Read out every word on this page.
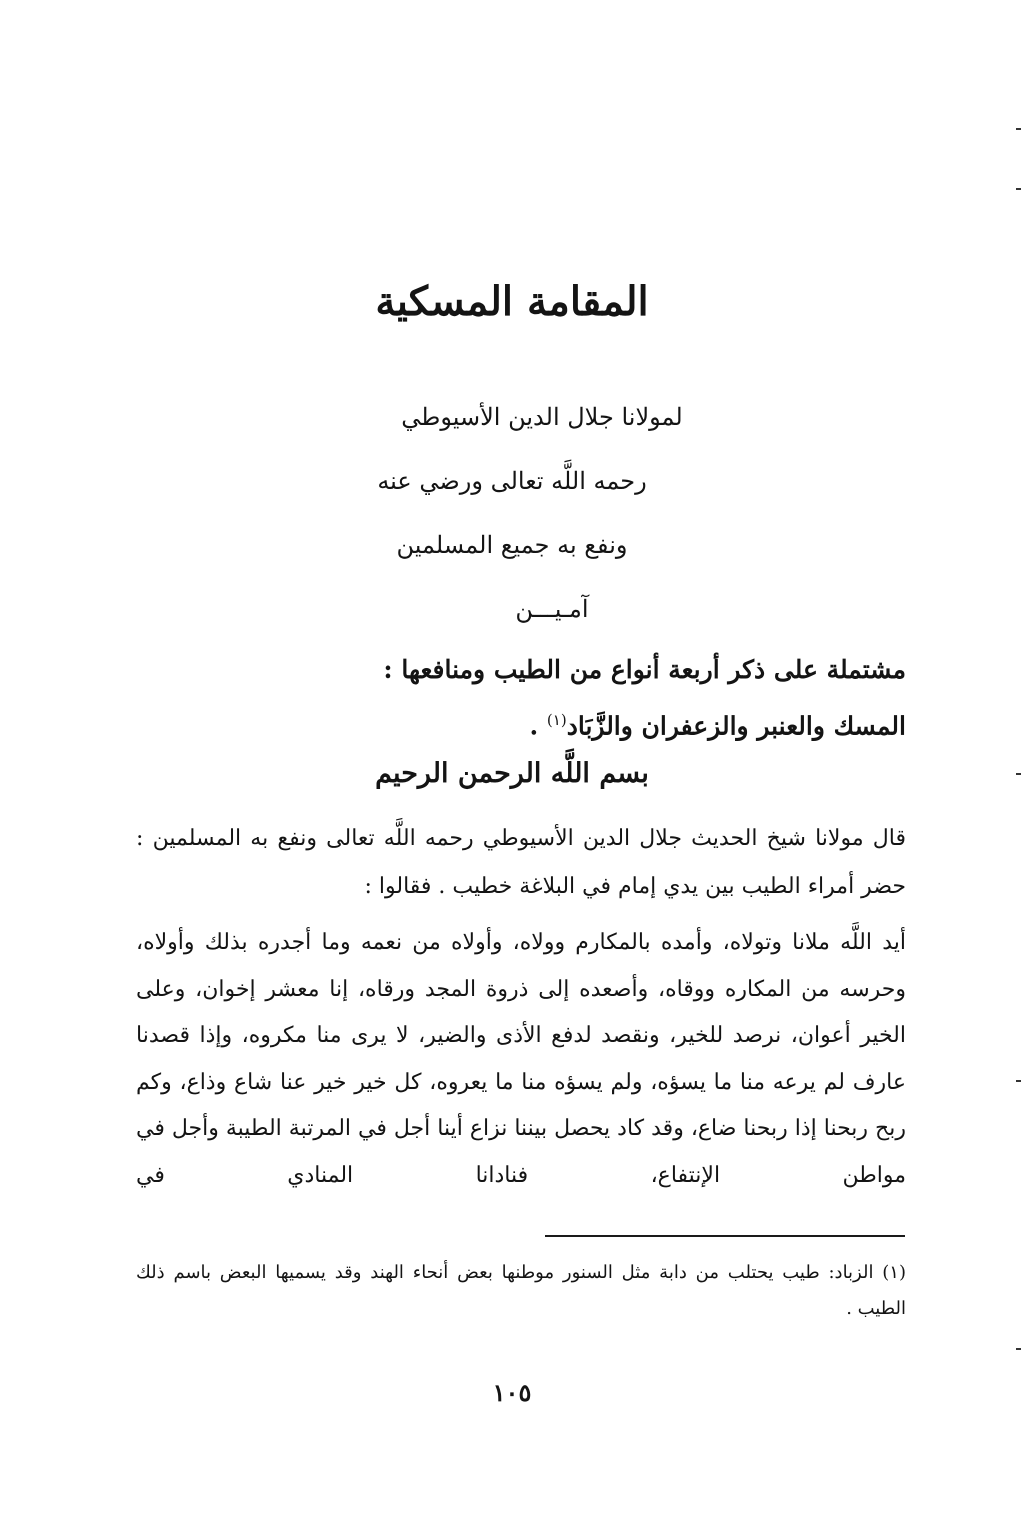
المقامة المسكية
لمولانا جلال الدين الأسيوطي
رحمه اللَّه تعالى ورضي عنه
ونفع به جميع المسلمين
آمـيـــن
مشتملة على ذكر أربعة أنواع من الطيب ومنافعها :
المسك والعنبر والزعفران والزَّبَاد$^{(١)}$ .
بسم اللَّه الرحمن الرحيم

قال مولانا شيخ الحديث جلال الدين الأسيوطي رحمه اللَّه تعالى ونفع به المسلمين : حضر أمراء الطيب بين يدي إمام في البلاغة خطيب . فقالوا :

أيد اللَّه ملانا وتولاه، وأمده بالمكارم وولاه، وأولاه من نعمه وما أجدره بذلك وأولاه، وحرسه من المكاره ووقاه، وأصعده إلى ذروة المجد ورقاه، إنا معشر إخوان، وعلى الخير أعوان، نرصد للخير، ونقصد لدفع الأذى والضير، لا يرى منا مكروه، وإذا قصدنا عارف لم يرعه منا ما يسؤه، ولم يسؤه منا ما يعروه، كل خير خير عنا شاع وذاع، وكم ربح ربحنا إذا ربحنا ضاع، وقد كاد يحصل بيننا نزاع أينا أجل في المرتبة الطيبة وأجل في مواطن الإنتفاع، فنادانا المنادي في

(١) الزباد: طيب يحتلب من دابة مثل السنور موطنها بعض أنحاء الهند وقد يسميها البعض باسم ذلك الطيب .

١٠٥
